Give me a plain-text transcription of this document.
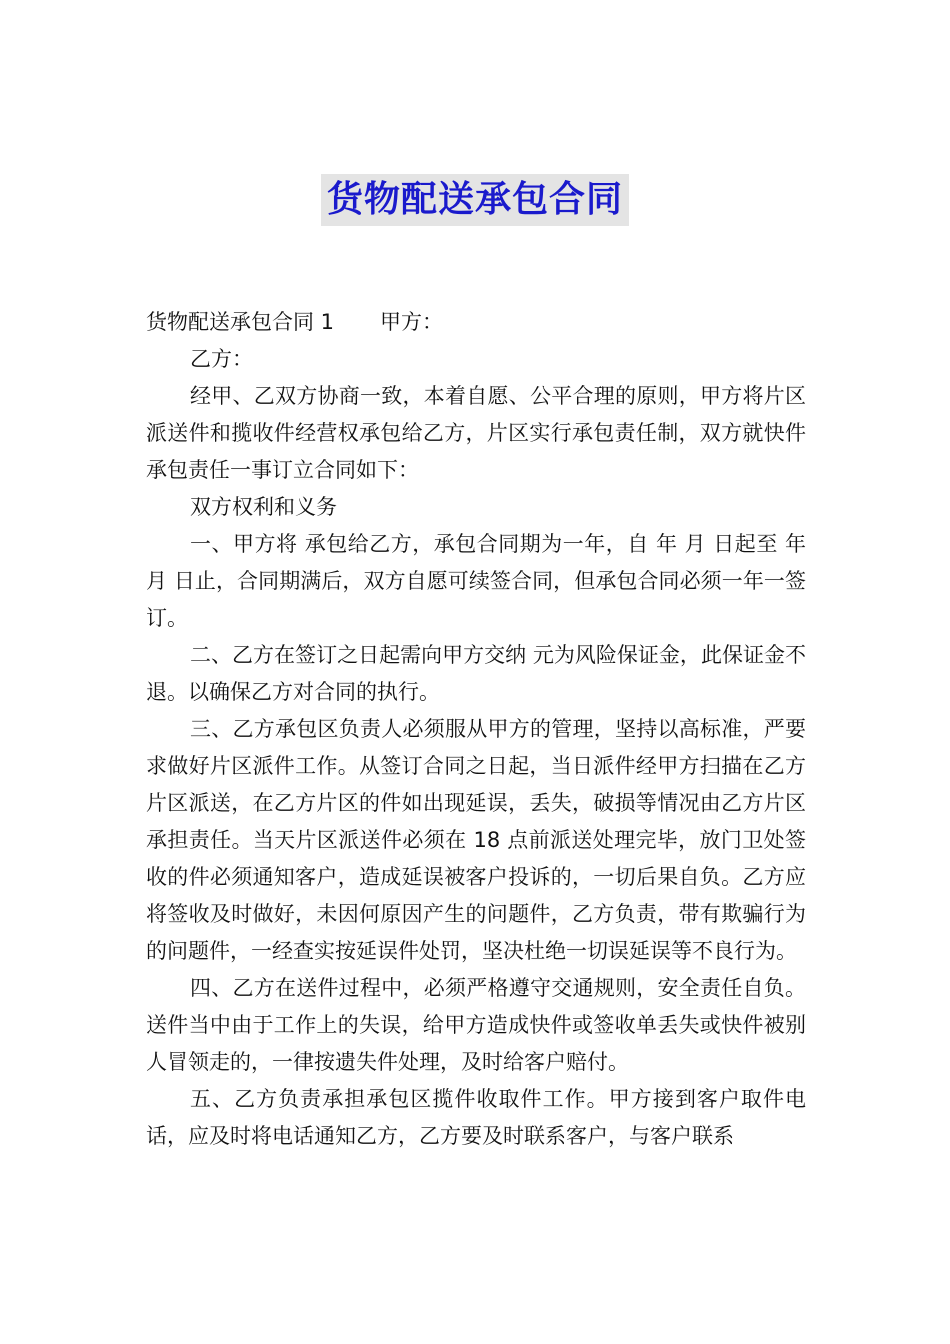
货物配送承包合同

货物配送承包合同 1 甲方：

乙方：

经甲、乙双方协商一致，本着自愿、公平合理的原则，甲方将片区派送件和揽收件经营权承包给乙方，片区实行承包责任制，双方就快件承包责任一事订立合同如下：

双方权利和义务

一、甲方将 承包给乙方，承包合同期为一年，自 年 月 日起至 年 月 日止，合同期满后，双方自愿可续签合同，但承包合同必须一年一签订。

二、乙方在签订之日起需向甲方交纳 元为风险保证金，此保证金不退。以确保乙方对合同的执行。

三、乙方承包区负责人必须服从甲方的管理，坚持以高标准，严要求做好片区派件工作。从签订合同之日起，当日派件经甲方扫描在乙方片区派送，在乙方片区的件如出现延误，丢失，破损等情况由乙方片区承担责任。当天片区派送件必须在 18 点前派送处理完毕，放门卫处签收的件必须通知客户，造成延误被客户投诉的，一切后果自负。乙方应将签收及时做好，未因何原因产生的问题件，乙方负责，带有欺骗行为的问题件，一经查实按延误件处罚，坚决杜绝一切误延误等不良行为。

四、乙方在送件过程中，必须严格遵守交通规则，安全责任自负。送件当中由于工作上的失误，给甲方造成快件或签收单丢失或快件被别人冒领走的，一律按遗失件处理，及时给客户赔付。

五、乙方负责承担承包区揽件收取件工作。甲方接到客户取件电话，应及时将电话通知乙方，乙方要及时联系客户，与客户联系
